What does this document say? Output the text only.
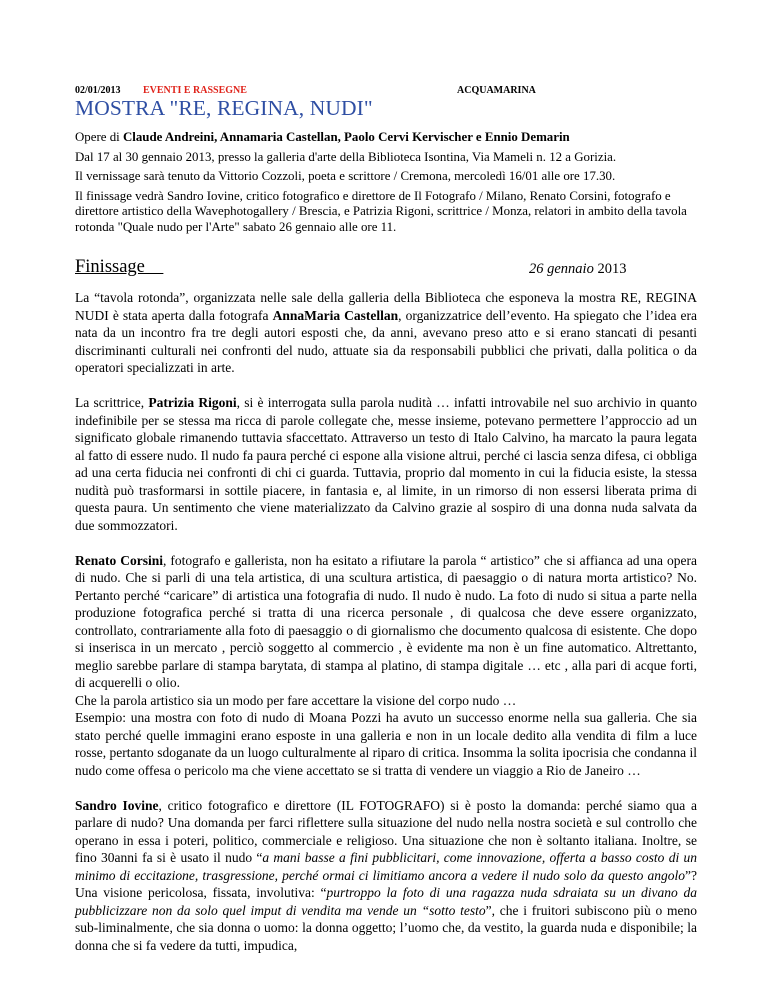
02/01/2013 EVENTI E RASSEGNE	ACQUAMARINA
MOSTRA "RE, REGINA, NUDI"

Opere di Claude Andreini, Annamaria Castellan, Paolo Cervi Kervischer e Ennio Demarin

Dal 17 al 30 gennaio 2013, presso la galleria d'arte della Biblioteca Isontina, Via Mameli n. 12 a Gorizia.

Il vernissage sarà tenuto da Vittorio Cozzoli, poeta e scrittore / Cremona, mercoledì 16/01 alle ore 17.30.

Il finissage vedrà Sandro Iovine, critico fotografico e direttore de Il Fotografo / Milano, Renato Corsini, fotografo e direttore artistico della Wavephotogallery / Brescia, e Patrizia Rigoni, scrittrice / Monza, relatori in ambito della tavola rotonda "Quale nudo per l'Arte" sabato 26 gennaio alle ore 11.

Finissage	26 gennaio 2013

La “tavola rotonda”, organizzata nelle sale della galleria della Biblioteca che esponeva la mostra RE, REGINA NUDI è stata aperta dalla fotografa AnnaMaria Castellan, organizzatrice dell’evento. Ha spiegato che l’idea era nata da un incontro fra tre degli autori esposti che, da anni, avevano preso atto e si erano stancati di pesanti discriminanti culturali nei confronti del nudo, attuate sia da responsabili pubblici che privati, dalla politica o da operatori specializzati in arte.

La scrittrice, Patrizia Rigoni, si è interrogata sulla parola nudità … infatti introvabile nel suo archivio in quanto indefinibile per se stessa ma ricca di parole collegate che, messe insieme, potevano permettere l’approccio ad un significato globale rimanendo tuttavia sfaccettato. Attraverso un testo di Italo Calvino, ha marcato la paura legata al fatto di essere nudo. Il nudo fa paura perché ci espone alla visione altrui, perché ci lascia senza difesa, ci obbliga ad una certa fiducia nei confronti di chi ci guarda. Tuttavia, proprio dal momento in cui la fiducia esiste, la stessa nudità può trasformarsi in sottile piacere, in fantasia e, al limite, in un rimorso di non essersi liberata prima di questa paura. Un sentimento che viene materializzato da Calvino grazie al sospiro di una donna nuda salvata da due sommozzatori.

Renato Corsini, fotografo e gallerista, non ha esitato a rifiutare la parola “ artistico” che si affianca ad una opera di nudo. Che si parli di una tela artistica, di una scultura artistica, di paesaggio o di natura morta artistico? No. Pertanto perché “caricare” di artistica una fotografia di nudo. Il nudo è nudo. La foto di nudo si situa a parte nella produzione fotografica perché si tratta di una ricerca personale , di qualcosa che deve essere organizzato, controllato, contrariamente alla foto di paesaggio o di giornalismo che documento qualcosa di esistente. Che dopo si inserisca in un mercato , perciò soggetto al commercio , è evidente ma non è un fine automatico. Altrettanto, meglio sarebbe parlare di stampa barytata, di stampa al platino, di stampa digitale … etc , alla pari di acque forti, di acquerelli o olio.

Che la parola artistico sia un modo per fare accettare la visione del corpo nudo …

Esempio: una mostra con foto di nudo di Moana Pozzi ha avuto un successo enorme nella sua galleria. Che sia stato perché quelle immagini erano esposte in una galleria e non in un locale dedito alla vendita di film a luce rosse, pertanto sdoganate da un luogo culturalmente al riparo di critica. Insomma la solita ipocrisia che condanna il nudo come offesa o pericolo ma che viene accettato se si tratta di vendere un viaggio a Rio de Janeiro …

Sandro Iovine, critico fotografico e direttore (IL FOTOGRAFO) si è posto la domanda: perché siamo qua a parlare di nudo? Una domanda per farci riflettere sulla situazione del nudo nella nostra società e sul controllo che operano in essa i poteri, politico, commerciale e religioso. Una situazione che non è soltanto italiana. Inoltre, se fino 30anni fa si è usato il nudo “a mani basse a fini pubblicitari, come innovazione, offerta a basso costo di un minimo di eccitazione, trasgressione, perché ormai ci limitiamo ancora a vedere il nudo solo da questo angolo”? Una visione pericolosa, fissata, involutiva: “purtroppo la foto di una ragazza nuda sdraiata su un divano da pubblicizzare non da solo quel imput di vendita ma vende un “sotto testo”, che i fruitori subiscono più o meno sub-liminalmente, che sia donna o uomo: la donna oggetto; l’uomo che, da vestito, la guarda nuda e disponibile; la donna che si fa vedere da tutti, impudica,
